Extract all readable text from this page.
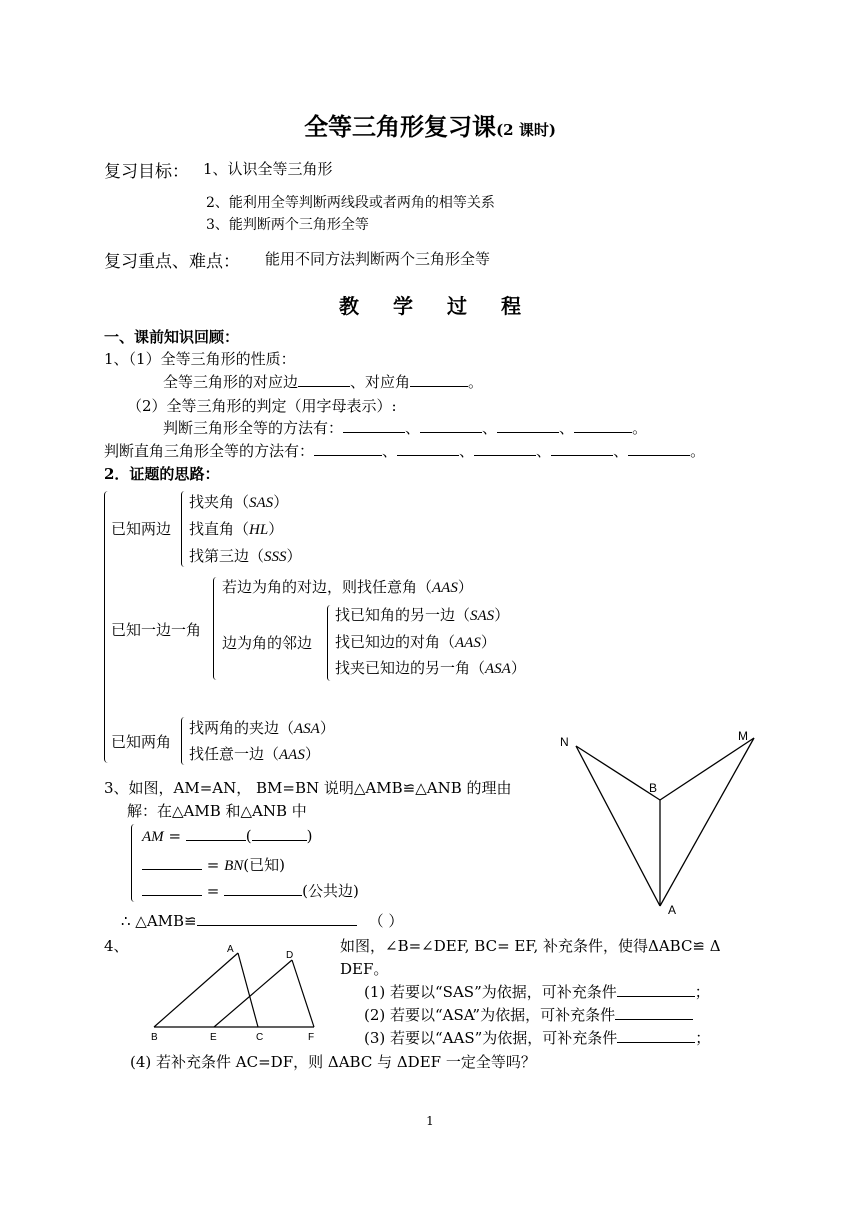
全等三角形复习课(2 课时)
复习目标： 1、认识全等三角形
2、能利用全等判断两线段或者两角的相等关系
3、能判断两个三角形全等
复习重点、难点： 能用不同方法判断两个三角形全等
教 学 过 程
一、课前知识回顾：
1、（1）全等三角形的性质：
全等三角形的对应边	、对应角	。
（2）全等三角形的判定（用字母表示）:
判断三角形全等的方法有：	、	、	、	。
判断直角三角形全等的方法有：	、	、	、	、	。
2．证题的思路：
已知两边
找夹角（SAS）
找直角（HL）
找第三边（SSS）
已知一边一角
若边为角的对边，则找任意角（AAS）
边为角的邻边
找已知角的另一边（SAS）
找已知边的对角（AAS）
找夹已知边的另一角（ASA）
已知两角
找两角的夹边（ASA）
找任意一边（AAS）
N	M
B
A
3、如图，AM=AN， BM=BN 说明△AMB≌△ANB 的理由
解：在△AMB 和△ANB 中
AM =	(	)
= BN(已知)
=	(公共边)
∴ △AMB≌	（ ）
4、	A
D
B	E	C	F
如图，∠B=∠DEF, BC= EF, 补充条件，使得ΔABC≌ Δ
DEF。
(1) 若要以“SAS”为依据，可补充条件	；
(2) 若要以“ASA”为依据，可补充条件
(3) 若要以“AAS”为依据，可补充条件	；
(4) 若补充条件 AC=DF，则 ΔABC 与 ΔDEF 一定全等吗？
1
